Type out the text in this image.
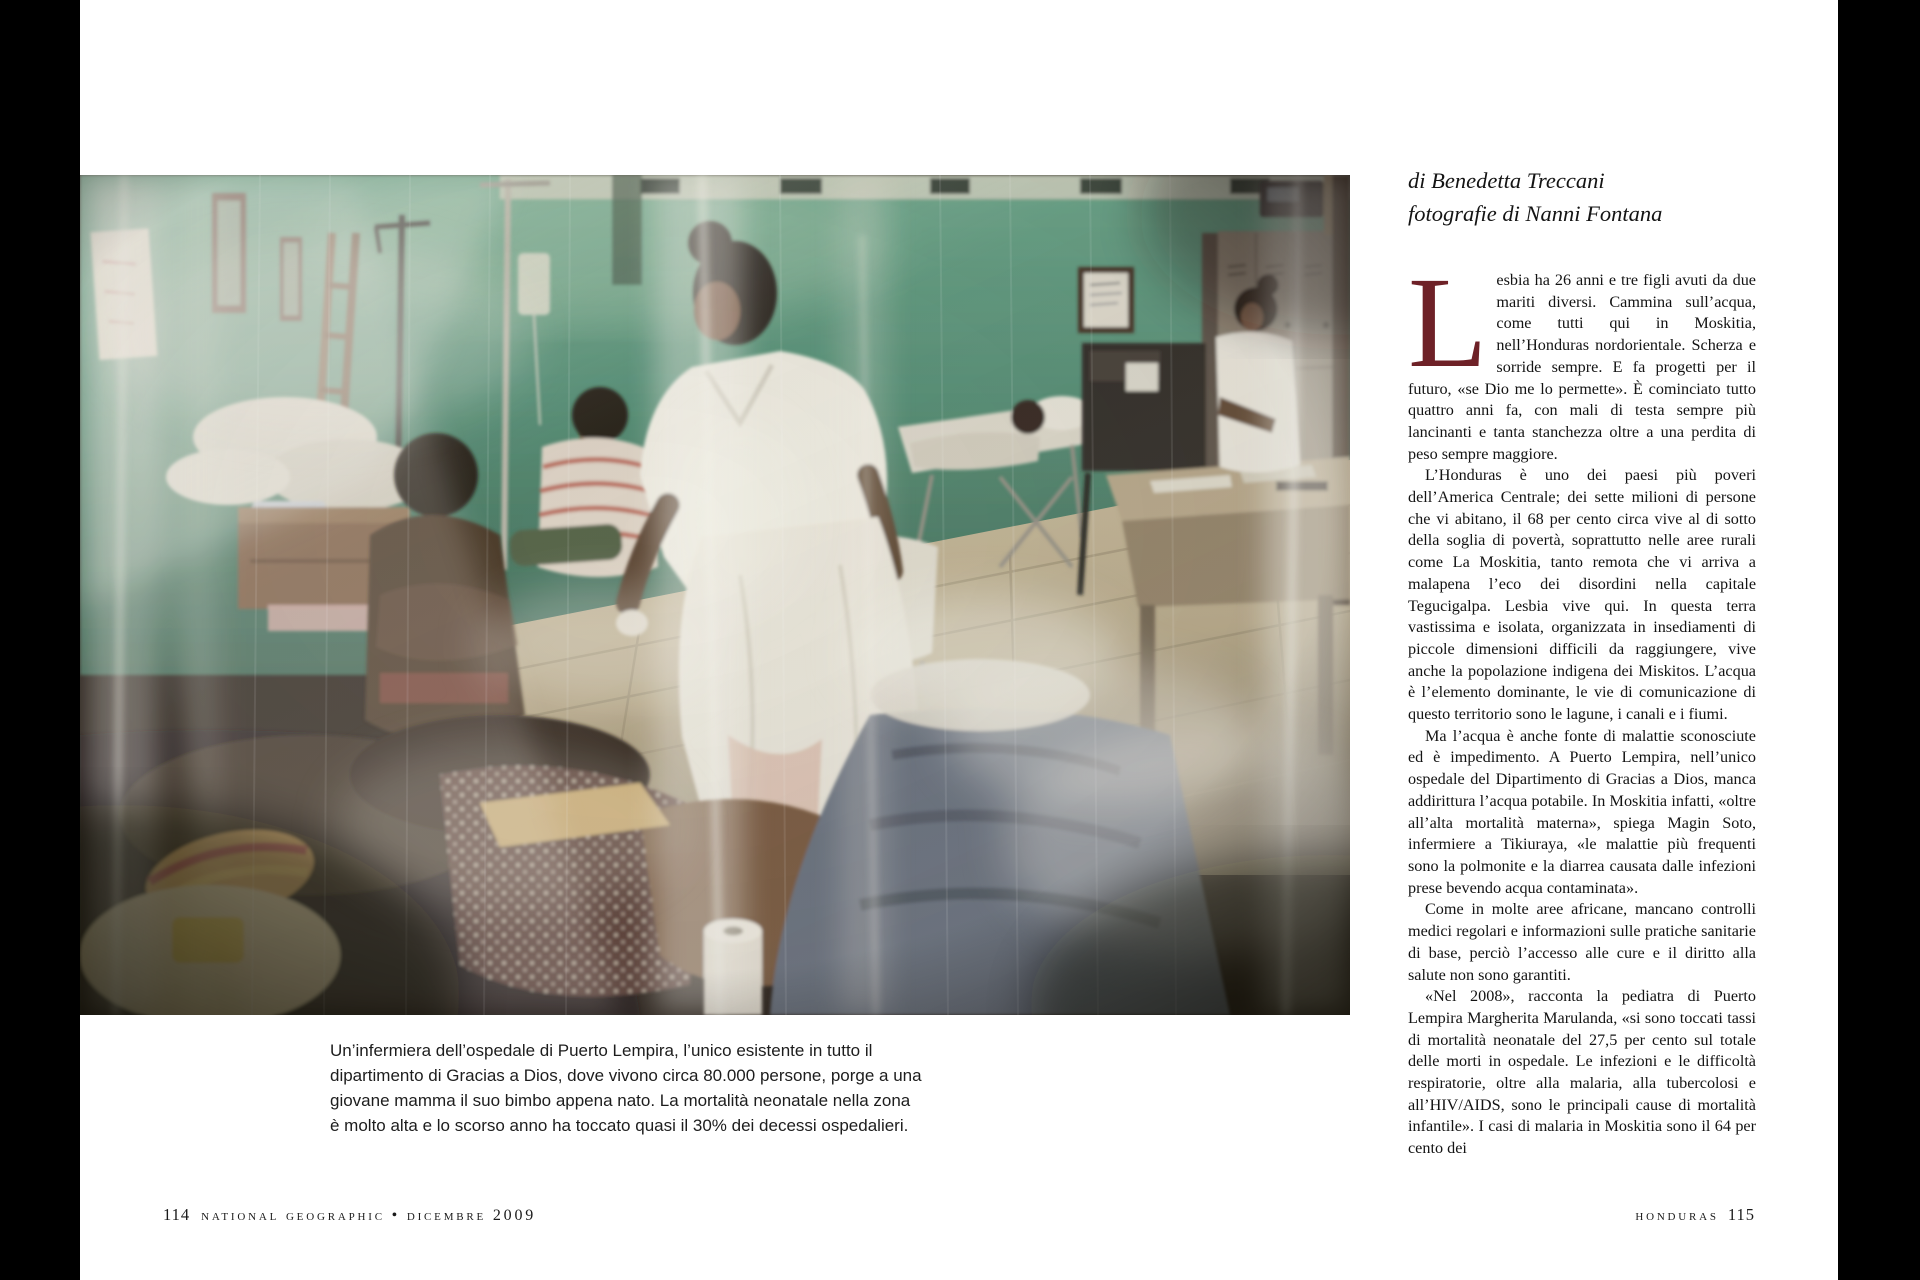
Un’infermiera dell’ospedale di Puerto Lempira, l’unico esistente in tutto il dipartimento di Gracias a Dios, dove vivono circa 80.000 persone, porge a una giovane mamma il suo bimbo appena nato. La mortalità neonatale nella zona è molto alta e lo scorso anno ha toccato quasi il 30% dei decessi ospedalieri.
di Benedetta Treccani
fotografie di Nanni Fontana

Lesbia ha 26 anni e tre figli avuti da due mariti diversi. Cammina sull’acqua, come tutti qui in Moskitia, nell’Honduras nordorientale. Scherza e sorride sempre. E fa progetti per il futuro, «se Dio me lo permette». È cominciato tutto quattro anni fa, con mali di testa sempre più lancinanti e tanta stanchezza oltre a una perdita di peso sempre maggiore.

L’Honduras è uno dei paesi più poveri dell’America Centrale; dei sette milioni di persone che vi abitano, il 68 per cento circa vive al di sotto della soglia di povertà, soprattutto nelle aree rurali come La Moskitia, tanto remota che vi arriva a malapena l’eco dei disordini nella capitale Tegucigalpa. Lesbia vive qui. In questa terra vastissima e isolata, organizzata in insediamenti di piccole dimensioni difficili da raggiungere, vive anche la popolazione indigena dei Miskitos. L’acqua è l’elemento dominante, le vie di comunicazione di questo territorio sono le lagune, i canali e i fiumi.

Ma l’acqua è anche fonte di malattie sconosciute ed è impedimento. A Puerto Lempira, nell’unico ospedale del Dipartimento di Gracias a Dios, manca addirittura l’acqua potabile. In Moskitia infatti, «oltre all’alta mortalità materna», spiega Magin Soto, infermiere a Tikiuraya, «le malattie più frequenti sono la polmonite e la diarrea causata dalle infezioni prese bevendo acqua contaminata».

Come in molte aree africane, mancano controlli medici regolari e informazioni sulle pratiche sanitarie di base, perciò l’accesso alle cure e il diritto alla salute non sono garantiti.

«Nel 2008», racconta la pediatra di Puerto Lempira Margherita Marulanda, «si sono toccati tassi di mortalità neonatale del 27,5 per cento sul totale delle morti in ospedale. Le infezioni e le difficoltà respiratorie, oltre alla malaria, alla tubercolosi e all’HIV/AIDS, sono le principali cause di mortalità infantile». I casi di malaria in Moskitia sono il 64 per cento dei

114 national geographic • dicembre 2009	honduras 115
